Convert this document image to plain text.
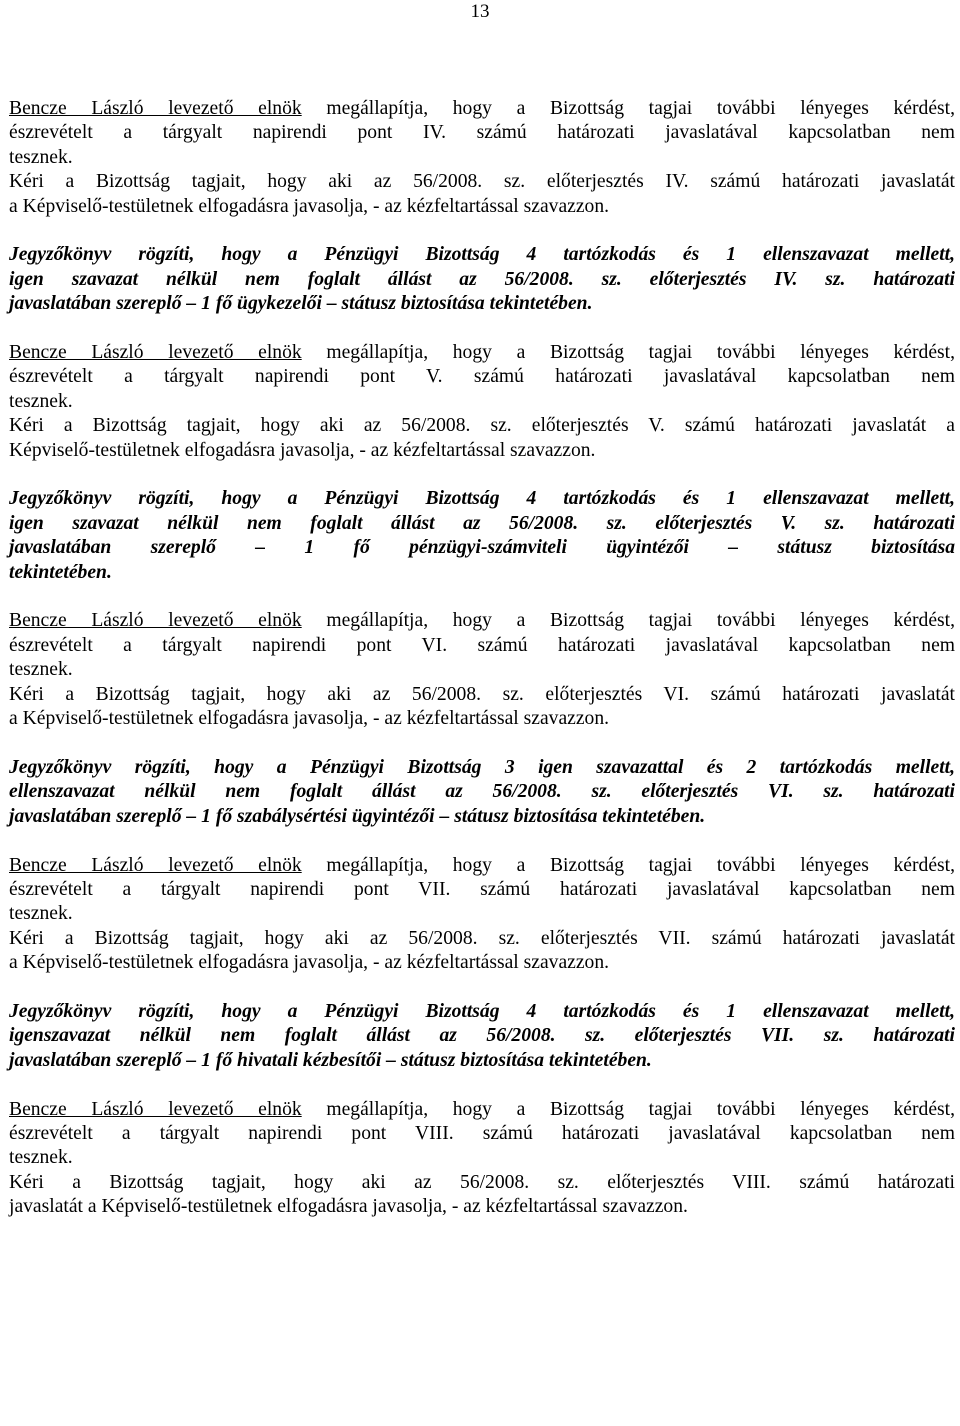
13

Bencze László levezető elnök megállapítja, hogy a Bizottság tagjai további lényeges kérdést,
észrevételt a tárgyalt napirendi pont IV. számú határozati javaslatával kapcsolatban nem
tesznek.
Kéri a Bizottság tagjait, hogy aki az 56/2008. sz. előterjesztés IV. számú határozati javaslatát
a Képviselő-testületnek elfogadásra javasolja, - az kézfeltartással szavazzon.

Jegyzőkönyv rögzíti, hogy a Pénzügyi Bizottság 4 tartózkodás és 1 ellenszavazat mellett,
igen szavazat nélkül nem foglalt állást az 56/2008. sz. előterjesztés IV. sz. határozati
javaslatában szereplő – 1 fő ügykezelői – státusz biztosítása tekintetében.

Bencze László levezető elnök megállapítja, hogy a Bizottság tagjai további lényeges kérdést,
észrevételt a tárgyalt napirendi pont V. számú határozati javaslatával kapcsolatban nem
tesznek.
Kéri a Bizottság tagjait, hogy aki az 56/2008. sz. előterjesztés V. számú határozati javaslatát a
Képviselő-testületnek elfogadásra javasolja, - az kézfeltartással szavazzon.

Jegyzőkönyv rögzíti, hogy a Pénzügyi Bizottság 4 tartózkodás és 1 ellenszavazat mellett,
igen szavazat nélkül nem foglalt állást az 56/2008. sz. előterjesztés V. sz. határozati
javaslatában szereplő – 1 fő pénzügyi-számviteli ügyintézői – státusz biztosítása
tekintetében.

Bencze László levezető elnök megállapítja, hogy a Bizottság tagjai további lényeges kérdést,
észrevételt a tárgyalt napirendi pont VI. számú határozati javaslatával kapcsolatban nem
tesznek.
Kéri a Bizottság tagjait, hogy aki az 56/2008. sz. előterjesztés VI. számú határozati javaslatát
a Képviselő-testületnek elfogadásra javasolja, - az kézfeltartással szavazzon.

Jegyzőkönyv rögzíti, hogy a Pénzügyi Bizottság 3 igen szavazattal és 2 tartózkodás mellett,
ellenszavazat nélkül nem foglalt állást az 56/2008. sz. előterjesztés VI. sz. határozati
javaslatában szereplő – 1 fő szabálysértési ügyintézői – státusz biztosítása tekintetében.

Bencze László levezető elnök megállapítja, hogy a Bizottság tagjai további lényeges kérdést,
észrevételt a tárgyalt napirendi pont VII. számú határozati javaslatával kapcsolatban nem
tesznek.
Kéri a Bizottság tagjait, hogy aki az 56/2008. sz. előterjesztés VII. számú határozati javaslatát
a Képviselő-testületnek elfogadásra javasolja, - az kézfeltartással szavazzon.

Jegyzőkönyv rögzíti, hogy a Pénzügyi Bizottság 4 tartózkodás és 1 ellenszavazat mellett,
igenszavazat nélkül nem foglalt állást az 56/2008. sz. előterjesztés VII. sz. határozati
javaslatában szereplő – 1 fő hivatali kézbesítői – státusz biztosítása tekintetében.

Bencze László levezető elnök megállapítja, hogy a Bizottság tagjai további lényeges kérdést,
észrevételt a tárgyalt napirendi pont VIII. számú határozati javaslatával kapcsolatban nem
tesznek.
Kéri a Bizottság tagjait, hogy aki az 56/2008. sz. előterjesztés VIII. számú határozati
javaslatát a Képviselő-testületnek elfogadásra javasolja, - az kézfeltartással szavazzon.
